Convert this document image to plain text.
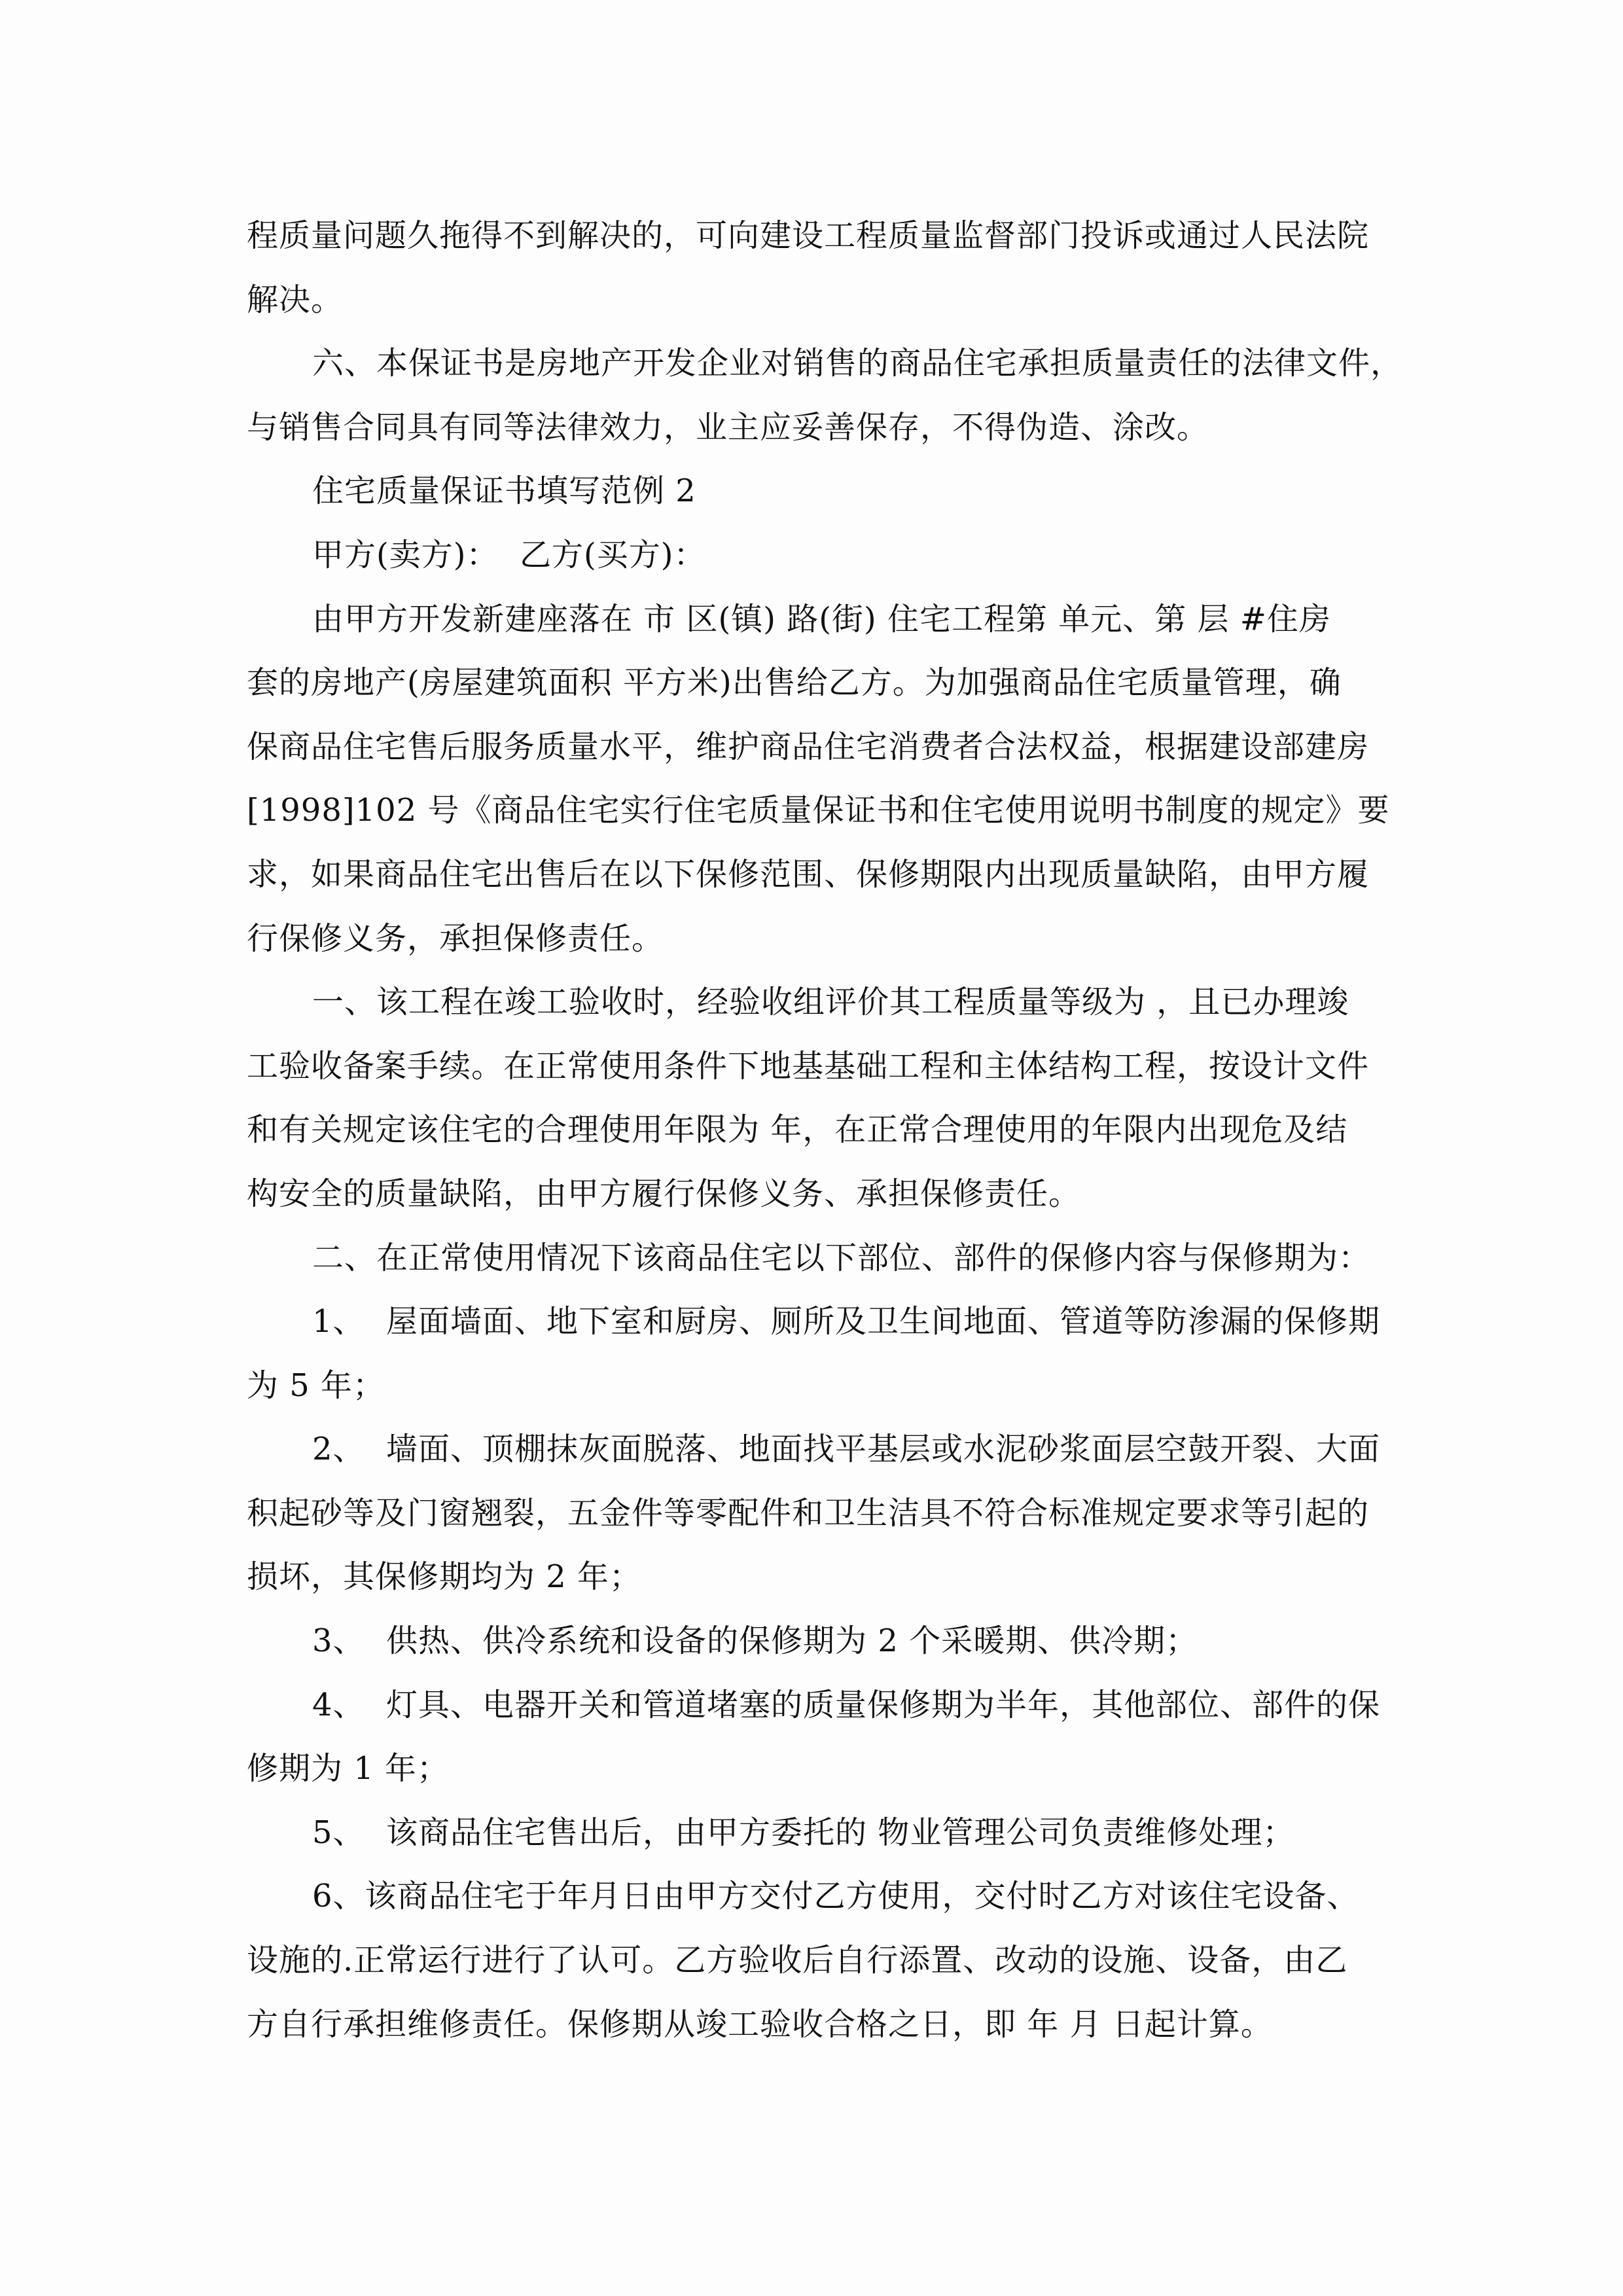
程质量问题久拖得不到解决的，可向建设工程质量监督部门投诉或通过人民法院
解决。
六、本保证书是房地产开发企业对销售的商品住宅承担质量责任的法律文件，
与销售合同具有同等法律效力，业主应妥善保存，不得伪造、涂改。
住宅质量保证书填写范例 2
甲方(卖方)：  乙方(买方)：
由甲方开发新建座落在 市 区(镇) 路(街) 住宅工程第 单元、第 层 #住房
套的房地产(房屋建筑面积 平方米)出售给乙方。为加强商品住宅质量管理，确
保商品住宅售后服务质量水平，维护商品住宅消费者合法权益，根据建设部建房
[1998]102 号《商品住宅实行住宅质量保证书和住宅使用说明书制度的规定》要
求，如果商品住宅出售后在以下保修范围、保修期限内出现质量缺陷，由甲方履
行保修义务，承担保修责任。
一、该工程在竣工验收时，经验收组评价其工程质量等级为 ，且已办理竣
工验收备案手续。在正常使用条件下地基基础工程和主体结构工程，按设计文件
和有关规定该住宅的合理使用年限为 年，在正常合理使用的年限内出现危及结
构安全的质量缺陷，由甲方履行保修义务、承担保修责任。
二、在正常使用情况下该商品住宅以下部位、部件的保修内容与保修期为：
1、  屋面墙面、地下室和厨房、厕所及卫生间地面、管道等防渗漏的保修期
为 5 年；
2、  墙面、顶棚抹灰面脱落、地面找平基层或水泥砂浆面层空鼓开裂、大面
积起砂等及门窗翘裂，五金件等零配件和卫生洁具不符合标准规定要求等引起的
损坏，其保修期均为 2 年；
3、  供热、供冷系统和设备的保修期为 2 个采暖期、供冷期；
4、  灯具、电器开关和管道堵塞的质量保修期为半年，其他部位、部件的保
修期为 1 年；
5、  该商品住宅售出后，由甲方委托的 物业管理公司负责维修处理；
6、该商品住宅于年月日由甲方交付乙方使用，交付时乙方对该住宅设备、
设施的.正常运行进行了认可。乙方验收后自行添置、改动的设施、设备，由乙
方自行承担维修责任。保修期从竣工验收合格之日，即 年 月 日起计算。
